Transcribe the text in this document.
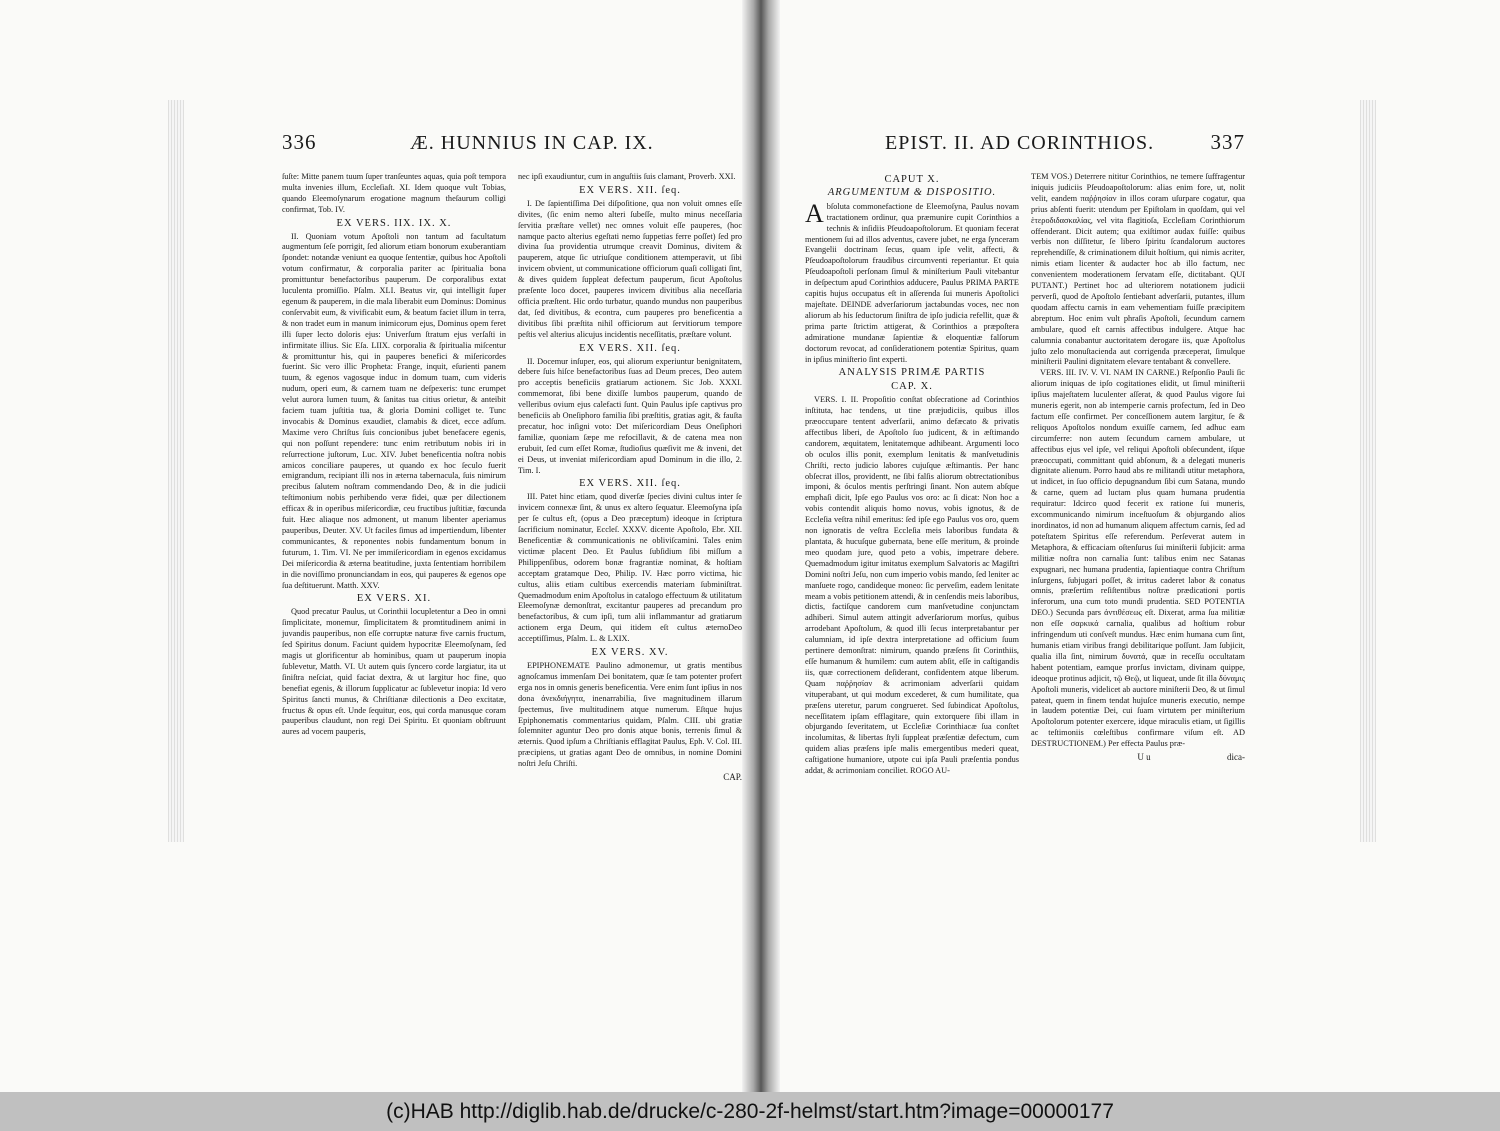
336	Æ. HUNNIUS IN CAP. IX.

ſuſte: Mitte panem tuum ſuper tranſeuntes aquas, quia poſt tempora multa invenies illum, Eccleſiaſt. XI. Idem quoque vult Tobias, quando Eleemoſynarum erogatione magnum theſaurum colligi confirmat, Tob. IV.

EX VERS. IIX. IX. X.

II. Quoniam votum Apoſtoli non tantum ad facultatum augmentum ſeſe porrigit, ſed aliorum etiam bonorum exuberantiam ſpondet: notandæ veniunt ea quoque ſententiæ, quibus hoc Apoſtoli votum confirmatur, & corporalia pariter ac ſpiritualia bona promittuntur benefactoribus pauperum. De corporalibus extat luculenta promiſſio. Pſalm. XLI. Beatus vir, qui intelligit ſuper egenum & pauperem, in die mala liberabit eum Dominus: Dominus conſervabit eum, & vivificabit eum, & beatum faciet illum in terra, & non tradet eum in manum inimicorum ejus, Dominus opem feret illi ſuper lecto doloris ejus: Univerſum ſtratum ejus verſaſti in infirmitate illius. Sic Eſa. LIIX. corporalia & ſpiritualia miſcentur & promittuntur his, qui in pauperes benefici & miſericordes fuerint. Sic vero illic Propheta: Frange, inquit, eſurienti panem tuum, & egenos vagosque induc in domum tuam, cum videris nudum, operi eum, & carnem tuam ne deſpexeris: tunc erumpet velut aurora lumen tuum, & ſanitas tua citius orietur, & anteibit faciem tuam juſtitia tua, & gloria Domini colliget te. Tunc invocabis & Dominus exaudiet, clamabis & dicet, ecce adſum. Maxime vero Chriſtus ſuis concionibus jubet benefacere egenis, qui non poſſunt rependere: tunc enim retributum nobis iri in reſurrectione juſtorum, Luc. XIV. Jubet beneficentia noſtra nobis amicos conciliare pauperes, ut quando ex hoc ſeculo fuerit emigrandum, recipiant illi nos in æterna tabernacula, ſuis nimirum precibus ſalutem noſtram commendando Deo, & in die judicii teſtimonium nobis perhibendo veræ fidei, quæ per dilectionem efficax & in operibus miſericordiæ, ceu fructibus juſtitiæ, fœcunda fuit. Hæc aliaque nos admonent, ut manum libenter aperiamus pauperibus, Deuter. XV. Ut faciles ſimus ad impertiendum, libenter communicantes, & reponentes nobis fundamentum bonum in futurum, 1. Tim. VI. Ne per immiſericordiam in egenos excidamus Dei miſericordia & æterna beatitudine, juxta ſententiam horribilem in die noviſſimo pronunciandam in eos, qui pauperes & egenos ope ſua deſtituerunt. Matth. XXV.

EX VERS. XI.

Quod precatur Paulus, ut Corinthii locupletentur a Deo in omni ſimplicitate, monemur, ſimplicitatem & promtitudinem animi in juvandis pauperibus, non eſſe corruptæ naturæ five carnis fructum, ſed Spiritus donum. Faciunt quidem hypocritæ Eleemoſynam, ſed magis ut glorificentur ab hominibus, quam ut pauperum inopia ſublevetur, Matth. VI. Ut autem quis ſyncero corde largiatur, ita ut ſiniſtra neſciat, quid faciat dextra, & ut largitur hoc fine, quo benefiat egenis, & illorum ſupplicatur ac ſublevetur inopia: Id vero Spiritus ſancti munus, & Chriſtianæ dilectionis a Deo excitatæ, fructus & opus eſt. Unde ſequitur, eos, qui corda manusque coram pauperibus claudunt, non regi Dei Spiritu. Et quoniam obſtruunt aures ad vocem pauperis,

nec ipſi exaudiuntur, cum in anguſtiis ſuis clamant, Proverb. XXI.

EX VERS. XII. ſeq.

I. De ſapientiſſima Dei diſpoſitione, qua non voluit omnes eſſe divites, (ſic enim nemo alteri ſubeſſe, multo minus neceſſaria ſervitia præſtare vellet) nec omnes voluit eſſe pauperes, (hoc namque pacto alterius egeſtati nemo ſuppetias ferre poſſet) ſed pro divina ſua providentia utrumque creavit Dominus, divitem & pauperem, atque ſic utriuſque conditionem attemperavit, ut ſibi invicem obvient, ut communicatione officiorum quaſi colligati ſint, & dives quidem ſuppleat defectum pauperum, ſicut Apoſtolus præſente loco docet, pauperes invicem divitibus alia neceſſaria officia præſtent. Hic ordo turbatur, quando mundus non pauperibus dat, ſed divitibus, & econtra, cum pauperes pro beneficentia a divitibus ſibi præſtita nihil officiorum aut ſervitiorum tempore peſtis vel alterius alicujus incidentis neceſſitatis, præſtare volunt.

EX VERS. XII. ſeq.

II. Docemur inſuper, eos, qui aliorum experiuntur benignitatem, debere ſuis hiſce benefactoribus ſuas ad Deum preces, Deo autem pro acceptis beneficiis gratiarum actionem. Sic Job. XXXI. commemorat, ſibi bene dixiſſe lumbos pauperum, quando de velleribus ovium ejus calefacti ſunt. Quin Paulus ipſe captivus pro beneficiis ab Oneſiphoro familia ſibi præſtitis, gratias agit, & fauſta precatur, hoc inſigni voto: Det miſericordiam Deus Oneſiphori familiæ, quoniam ſæpe me refocillavit, & de catena mea non erubuit, ſed cum eſſet Romæ, ſtudioſius quæſivit me & inveni, det ei Deus, ut inveniat miſericordiam apud Dominum in die illo, 2. Tim. I.

EX VERS. XII. ſeq.

III. Patet hinc etiam, quod diverſæ ſpecies divini cultus inter ſe invicem connexæ ſint, & unus ex altero ſequatur. Eleemoſyna ipſa per ſe cultus eſt, (opus a Deo præceptum) ideoque in ſcriptura ſacrificium nominatur, Eccleſ. XXXV. dicente Apoſtolo, Ebr. XII. Beneficentiæ & communicationis ne obliviſcamini. Tales enim victimæ placent Deo. Et Paulus ſubſidium ſibi miſſum a Philippenſibus, odorem bonæ fragrantiæ nominat, & hoſtiam acceptam gratamque Deo, Philip. IV. Hæc porro victima, hic cultus, aliis etiam cultibus exercendis materiam ſubminiſtrat. Quemadmodum enim Apoſtolus in catalogo effectuum & utilitatum Eleemoſynæ demonſtrat, excitantur pauperes ad precandum pro benefactoribus, & cum ipſi, tum alii inflammantur ad gratiarum actionem erga Deum, qui itidem eſt cultus æternoDeo acceptiſſimus, Pſalm. L. & LXIX.

EX VERS. XV.

EPIPHONEMATE Paulino admonemur, ut gratis mentibus agnoſcamus immenſam Dei bonitatem, quæ ſe tam potenter profert erga nos in omnis generis beneficentia. Vere enim ſunt ipſius in nos dona ἀνεκδιήγητα, inenarrabilia, ſive magnitudinem illarum ſpectemus, ſive multitudinem atque numerum. Eſtque hujus Epiphonematis commentarius quidam, Pſalm. CIII. ubi gratiæ ſolemniter aguntur Deo pro donis atque bonis, terrenis ſimul & æternis. Quod ipſum a Chriſtianis efflagitat Paulus, Eph. V. Col. III. præcipiens, ut gratias agant Deo de omnibus, in nomine Domini noſtri Jeſu Chriſti.

CAP.
EPIST. II. AD CORINTHIOS.	337
CAPUT X.
ARGUMENTUM & DISPOSITIO.

Abſoluta commonefactione de Eleemoſyna, Paulus novam tractationem ordinur, qua præmunire cupit Corinthios a technis & inſidiis Pſeudoapoſtolorum. Et quoniam fecerat mentionem ſui ad illos adventus, cavere jubet, ne erga ſynceram Evangelii doctrinam ſecus, quam ipſe velit, affecti, & Pſeudoapoſtolorum fraudibus circumventi reperiantur. Et quia Pſeudoapoſtoli perſonam ſimul & miniſterium Pauli vitebantur in deſpectum apud Corinthios adducere, Paulus PRIMA PARTE capitis hujus occupatus eſt in aſſerenda ſui muneris Apoſtolici majeſtate. DEINDE adverſariorum jactabundas voces, nec non aliorum ab his ſeductorum ſiniſtra de ipſo judicia refellit, quæ & prima parte ſtrictim attigerat, & Corinthios a præpoſtera admiratione mundanæ ſapientiæ & eloquentiæ falſorum doctorum revocat, ad conſiderationem potentiæ Spiritus, quam in ipſius miniſterio ſint experti.

ANALYSIS PRIMÆ PARTIS
CAP. X.

VERS. I. II. Propoſitio conſtat obſecratione ad Corinthios inſtituta, hac tendens, ut tine præjudiciis, quibus illos præoccupare tentent adverſarii, animo defæcato & privatis affectibus liberi, de Apoſtolo ſuo judicent, & in æſtimando candorem, æquitatem, lenitatemque adhibeant. Argumenti loco ob oculos illis ponit, exemplum lenitatis & manſvetudinis Chriſti, recto judicio labores cujuſque æſtimantis. Per hanc obſecrat illos, providentt, ne ſibi falſis aliorum obtrectationibus imponi, & óculos mentis perſtringi ſinant. Non autem abſque emphaſi dicit, Ipſe ego Paulus vos oro: ac ſi dicat: Non hoc a vobis contendit aliquis homo novus, vobis ignotus, & de Eccleſia veſtra nihil emeritus: ſed ipſe ego Paulus vos oro, quem non ignoratis de veſtra Eccleſia meis laboribus fundata & plantata, & hucuſque gubernata, bene eſſe meritum, & proinde meo quodam jure, quod peto a vobis, impetrare debere. Quemadmodum igitur imitatus exemplum Salvatoris ac Magiſtri Domini noſtri Jeſu, non cum imperio vobis mando, ſed leniter ac manſuete rogo, candideque moneo: ſic perveſim, eadem lenitate meam a vobis petitionem attendi, & in cenſendis meis laboribus, dictis, factiſque candorem cum manſvetudine conjunctam adhiberi. Simul autem attingit adverſariorum morſus, quibus arrodebant Apoſtolum, & quod illi ſecus interpretabantur per calumniam, id ipſe dextra interpretatione ad officium ſuum pertinere demonſtrat: nimirum, quando præſens ſit Corinthiis, eſſe humanum & humilem: cum autem abſit, eſſe in caſtigandis iis, quæ correctionem deſiderant, confidentem atque liberum. Quam παῤῥησίαν & acrimoniam adverſarii quidam vituperabant, ut qui modum excederet, & cum humilitate, qua præſens uteretur, parum congrueret. Sed ſubindicat Apoſtolus, neceſſitatem ipſam efflagitare, quin extorquere ſibi illam in objurgando ſeveritatem, ut Eccleſiæ Corinthiacæ ſua conſtet incolumitas, & libertas ſtyli ſuppleat præſentiæ defectum, cum quidem alias præſens ipſe malis emergentibus mederi queat, caſtigatione humaniore, utpote cui ipſa Pauli præſentia pondus addat, & acrimoniam conciliet. ROGO AU-

TEM VOS.) Deterrere nititur Corinthios, ne temere ſuffragentur iniquis judiciis Pſeudoapoſtolorum: alias enim fore, ut, nolit velit, eandem παῤῥησίαν in illos coram uſurpare cogatur, qua prius abſenti fuerit: utendum per Epiſtolam in quoſdam, qui vel ἑτεροδιδασκαλίας, vel vita flagitioſa, Eccleſiam Corinthiorum offenderant. Dicit autem; qua exiſtimor audax fuiſſe: quibus verbis non diſſitetur, ſe libero ſpiritu ſcandalorum auctores reprehendiſſe, & criminationem diluit hoſtium, qui nimis acriter, nimis etiam licenter & audacter hoc ab illo factum, nec convenientem moderationem ſervatam eſſe, dictitabant. QUI PUTANT.) Pertinet hoc ad ulteriorem notationem judicii perverſi, quod de Apoſtolo ſentiebant adverſarii, putantes, illum quodam affectu carnis in eam vehementiam fuiſſe præcipitem abreptum. Hoc enim vult phraſis Apoſtoli, ſecundum carnem ambulare, quod eſt carnis affectibus indulgere. Atque hac calumnia conabantur auctoritatem derogare iis, quæ Apoſtolus juſto zelo monuſtacienda aut corrigenda præceperat, ſimulque miniſterii Paulini dignitatem elevare tentabant & convellere.

VERS. III. IV. V. VI. NAM IN CARNE.) Reſponſio Pauli ſic aliorum iniquas de ipſo cogitationes elidit, ut ſimul miniſterii ipſius majeſtatem luculenter aſſerat, & quod Paulus vigore ſui muneris egerit, non ab intemperie carnis profectum, ſed in Deo factum eſſe confirmet. Per conceſſionem autem largitur, ſe & reliquos Apoſtolos nondum exuiſſe carnem, ſed adhuc eam circumferre: non autem ſecundum carnem ambulare, ut affectibus ejus vel ipſe, vel reliqui Apoſtoli obſecundent, iſque præoccupati, committant quid abſonum, & a delegati muneris dignitate alienum. Porro haud abs re militandi utitur metaphora, ut indicet, in ſuo officio depugnandum ſibi cum Satana, mundo & carne, quem ad luctam plus quam humana prudentia requiratur: Idcirco quod fecerit ex ratione ſui muneris, excommunicando nimirum inceſtuoſum & objurgando alios inordinatos, id non ad humanum aliquem affectum carnis, ſed ad poteſtatem Spiritus eſſe referendum. Perſeverat autem in Metaphora, & efficaciam oſtenſurus ſui miniſterii ſubjicit: arma militiæ noſtra non carnalia ſunt: talibus enim nec Satanas expugnari, nec humana prudentia, ſapientiaque contra Chriſtum inſurgens, ſubjugari poſſet, & irritus caderet labor & conatus omnis, præſertim reſiſtentibus noſtræ prædicationi portis inferorum, una cum toto mundi prudentia. SED POTENTIA DEO.) Secunda pars ἀντιθέσεως eſt. Dixerat, arma ſua militiæ non eſſe σαρκικά carnalia, qualibus ad hoſtium robur infringendum uti conſveſt mundus. Hæc enim humana cum ſint, humanis etiam viribus frangi debilitarique poſſunt. Jam ſubjicit, qualia illa ſint, nimirum δυνατά, quæ in receſſu occultatam habent potentiam, eamque prorſus invictam, divinam quippe, ideoque protinus adjicit, τῷ Θεῷ, ut liqueat, unde ſit illa δύναμις Apoſtoli muneris, videlicet ab auctore miniſterii Deo, & ut ſimul pateat, quem in finem tendat hujuſce muneris executio, nempe in laudem potentiæ Dei, cui ſuam virtutem per miniſterium Apoſtolorum potenter exercere, idque miraculis etiam, ut ſigillis ac teſtimoniis cœleſtibus confirmare viſum eſt. AD DESTRUCTIONEM.) Per effecta Paulus præ-

U u	dica-
(c)HAB http://diglib.hab.de/drucke/c-280-2f-helmst/start.htm?image=00000177
